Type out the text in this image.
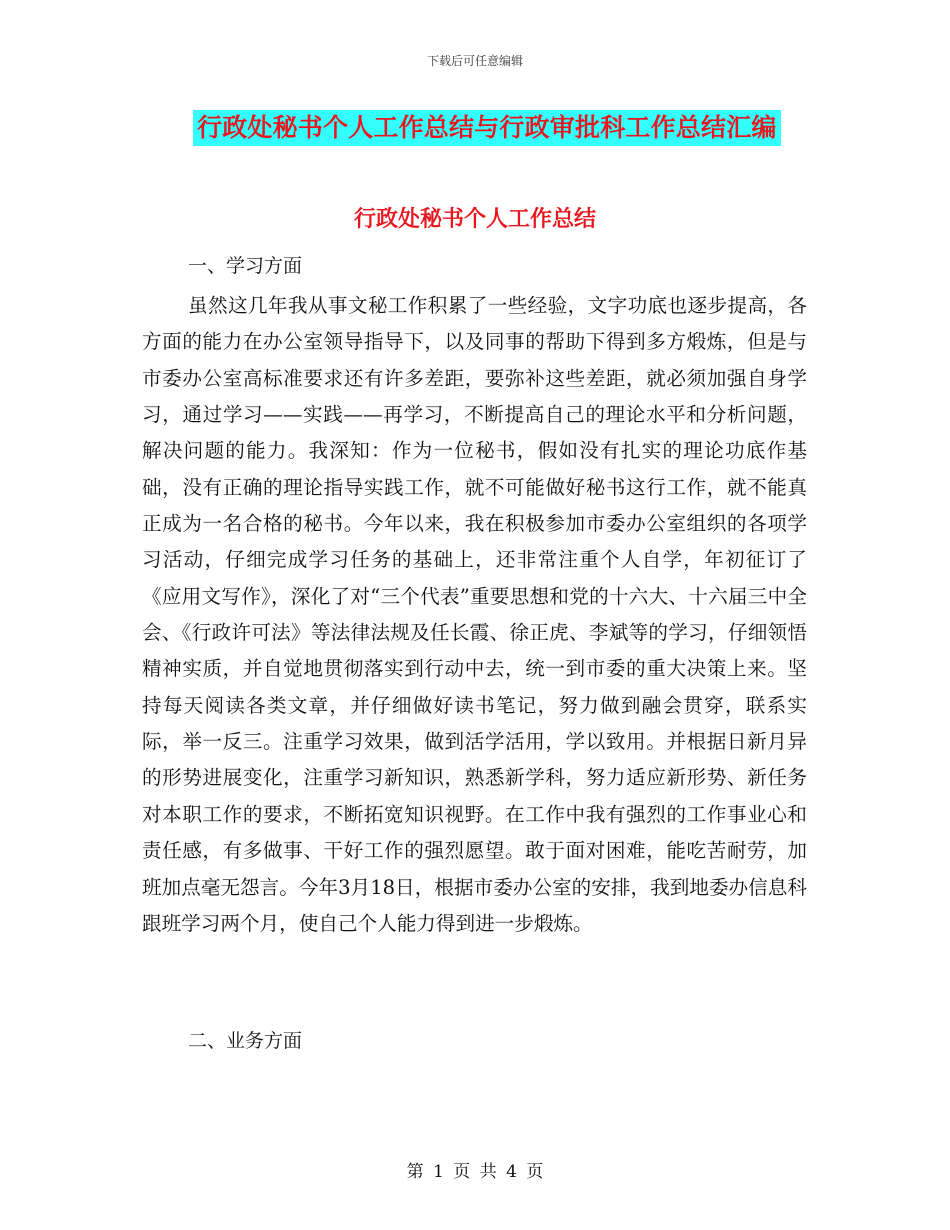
下载后可任意编辑
行政处秘书个人工作总结与行政审批科工作总结汇编
行政处秘书个人工作总结
一、学习方面
虽然这几年我从事文秘工作积累了一些经验，文字功底也逐步提高，各方面的能力在办公室领导指导下，以及同事的帮助下得到多方煅炼，但是与市委办公室高标准要求还有许多差距，要弥补这些差距，就必须加强自身学习，通过学习——实践——再学习，不断提高自己的理论水平和分析问题，解决问题的能力。我深知：作为一位秘书，假如没有扎实的理论功底作基础，没有正确的理论指导实践工作，就不可能做好秘书这行工作，就不能真正成为一名合格的秘书。今年以来，我在积极参加市委办公室组织的各项学习活动，仔细完成学习任务的基础上，还非常注重个人自学，年初征订了《应用文写作》，深化了对“三个代表”重要思想和党的十六大、十六届三中全会、《行政许可法》等法律法规及任长霞、徐正虎、李斌等的学习，仔细领悟精神实质，并自觉地贯彻落实到行动中去，统一到市委的重大决策上来。坚持每天阅读各类文章，并仔细做好读书笔记，努力做到融会贯穿，联系实际，举一反三。注重学习效果，做到活学活用，学以致用。并根据日新月异的形势进展变化，注重学习新知识，熟悉新学科，努力适应新形势、新任务对本职工作的要求，不断拓宽知识视野。在工作中我有强烈的工作事业心和责任感，有多做事、干好工作的强烈愿望。敢于面对困难，能吃苦耐劳，加班加点毫无怨言。今年3月18日，根据市委办公室的安排，我到地委办信息科跟班学习两个月，使自己个人能力得到进一步煅炼。
二、业务方面
第 1 页 共 4 页
